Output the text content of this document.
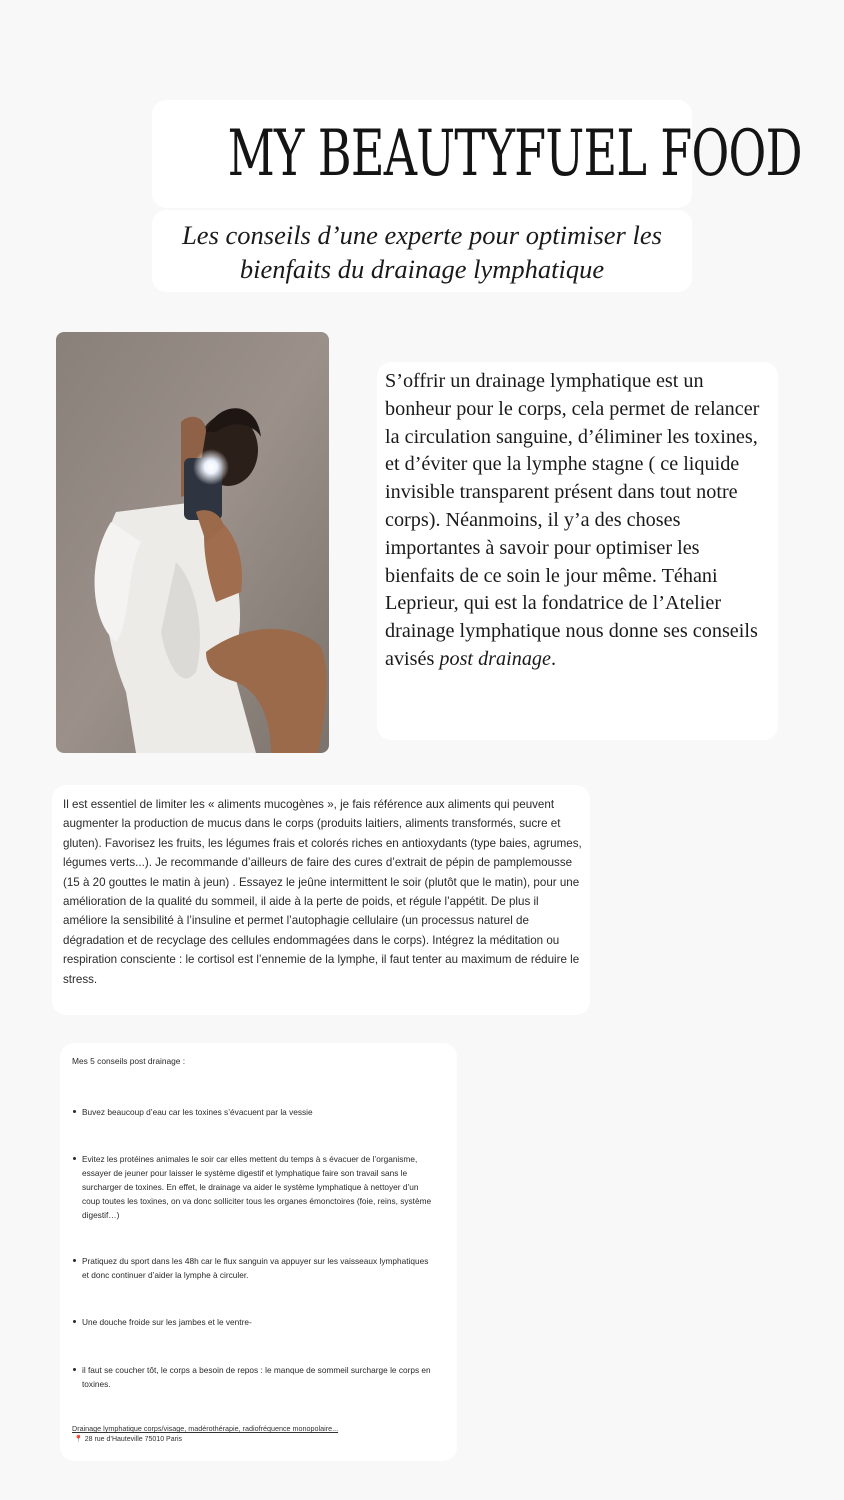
MY BEAUTYFUEL FOOD
Les conseils d’une experte pour optimiser les
bienfaits du drainage lymphatique
S’offrir un drainage lymphatique est un bonheur pour le corps, cela permet de relancer la circulation sanguine, d’éliminer les toxines, et d’éviter que la lymphe stagne ( ce liquide invisible transparent présent dans tout notre corps). Néanmoins, il y’a des choses importantes à savoir pour optimiser les bienfaits de ce soin le jour même. Téhani Leprieur, qui est la fondatrice de l’Atelier drainage lymphatique nous donne ses conseils avisés post drainage.
Il est essentiel de limiter les « aliments mucogènes », je fais référence aux aliments qui peuvent augmenter la production de mucus dans le corps (produits laitiers, aliments transformés, sucre et gluten). Favorisez les fruits, les légumes frais et colorés riches en antioxydants (type baies, agrumes, légumes verts...). Je recommande d’ailleurs de faire des cures d’extrait de pépin de pamplemousse (15 à 20 gouttes le matin à jeun) . Essayez le jeûne intermittent le soir (plutôt que le matin), pour une amélioration de la qualité du sommeil, il aide à la perte de poids, et régule l’appétit. De plus il améliore la sensibilité à l’insuline et permet l’autophagie cellulaire (un processus naturel de dégradation et de recyclage des cellules endommagées dans le corps). Intégrez la méditation ou respiration consciente : le cortisol est l’ennemie de la lymphe, il faut tenter au maximum de réduire le stress.
Mes 5 conseils post drainage :
Buvez beaucoup d’eau car les toxines s’évacuent par la vessie
Evitez les protéines animales le soir car elles mettent du temps à s évacuer de l’organisme, essayer de jeuner pour laisser le système digestif et lymphatique faire son travail sans le surcharger de toxines. En effet, le drainage va aider le système lymphatique à nettoyer d’un coup toutes les toxines, on va donc solliciter tous les organes émonctoires (foie, reins, système digestif…)
Pratiquez du sport dans les 48h car le flux sanguin va appuyer sur les vaisseaux lymphatiques et donc continuer d’aider la lymphe à circuler.
Une douche froide sur les jambes et le ventre-
il faut se coucher tôt, le corps a besoin de repos : le manque de sommeil surcharge le corps en toxines.
Drainage lymphatique corps/visage, madérothérapie, radiofréquence monopolaire...
📍 28 rue d’Hauteville 75010 Paris
